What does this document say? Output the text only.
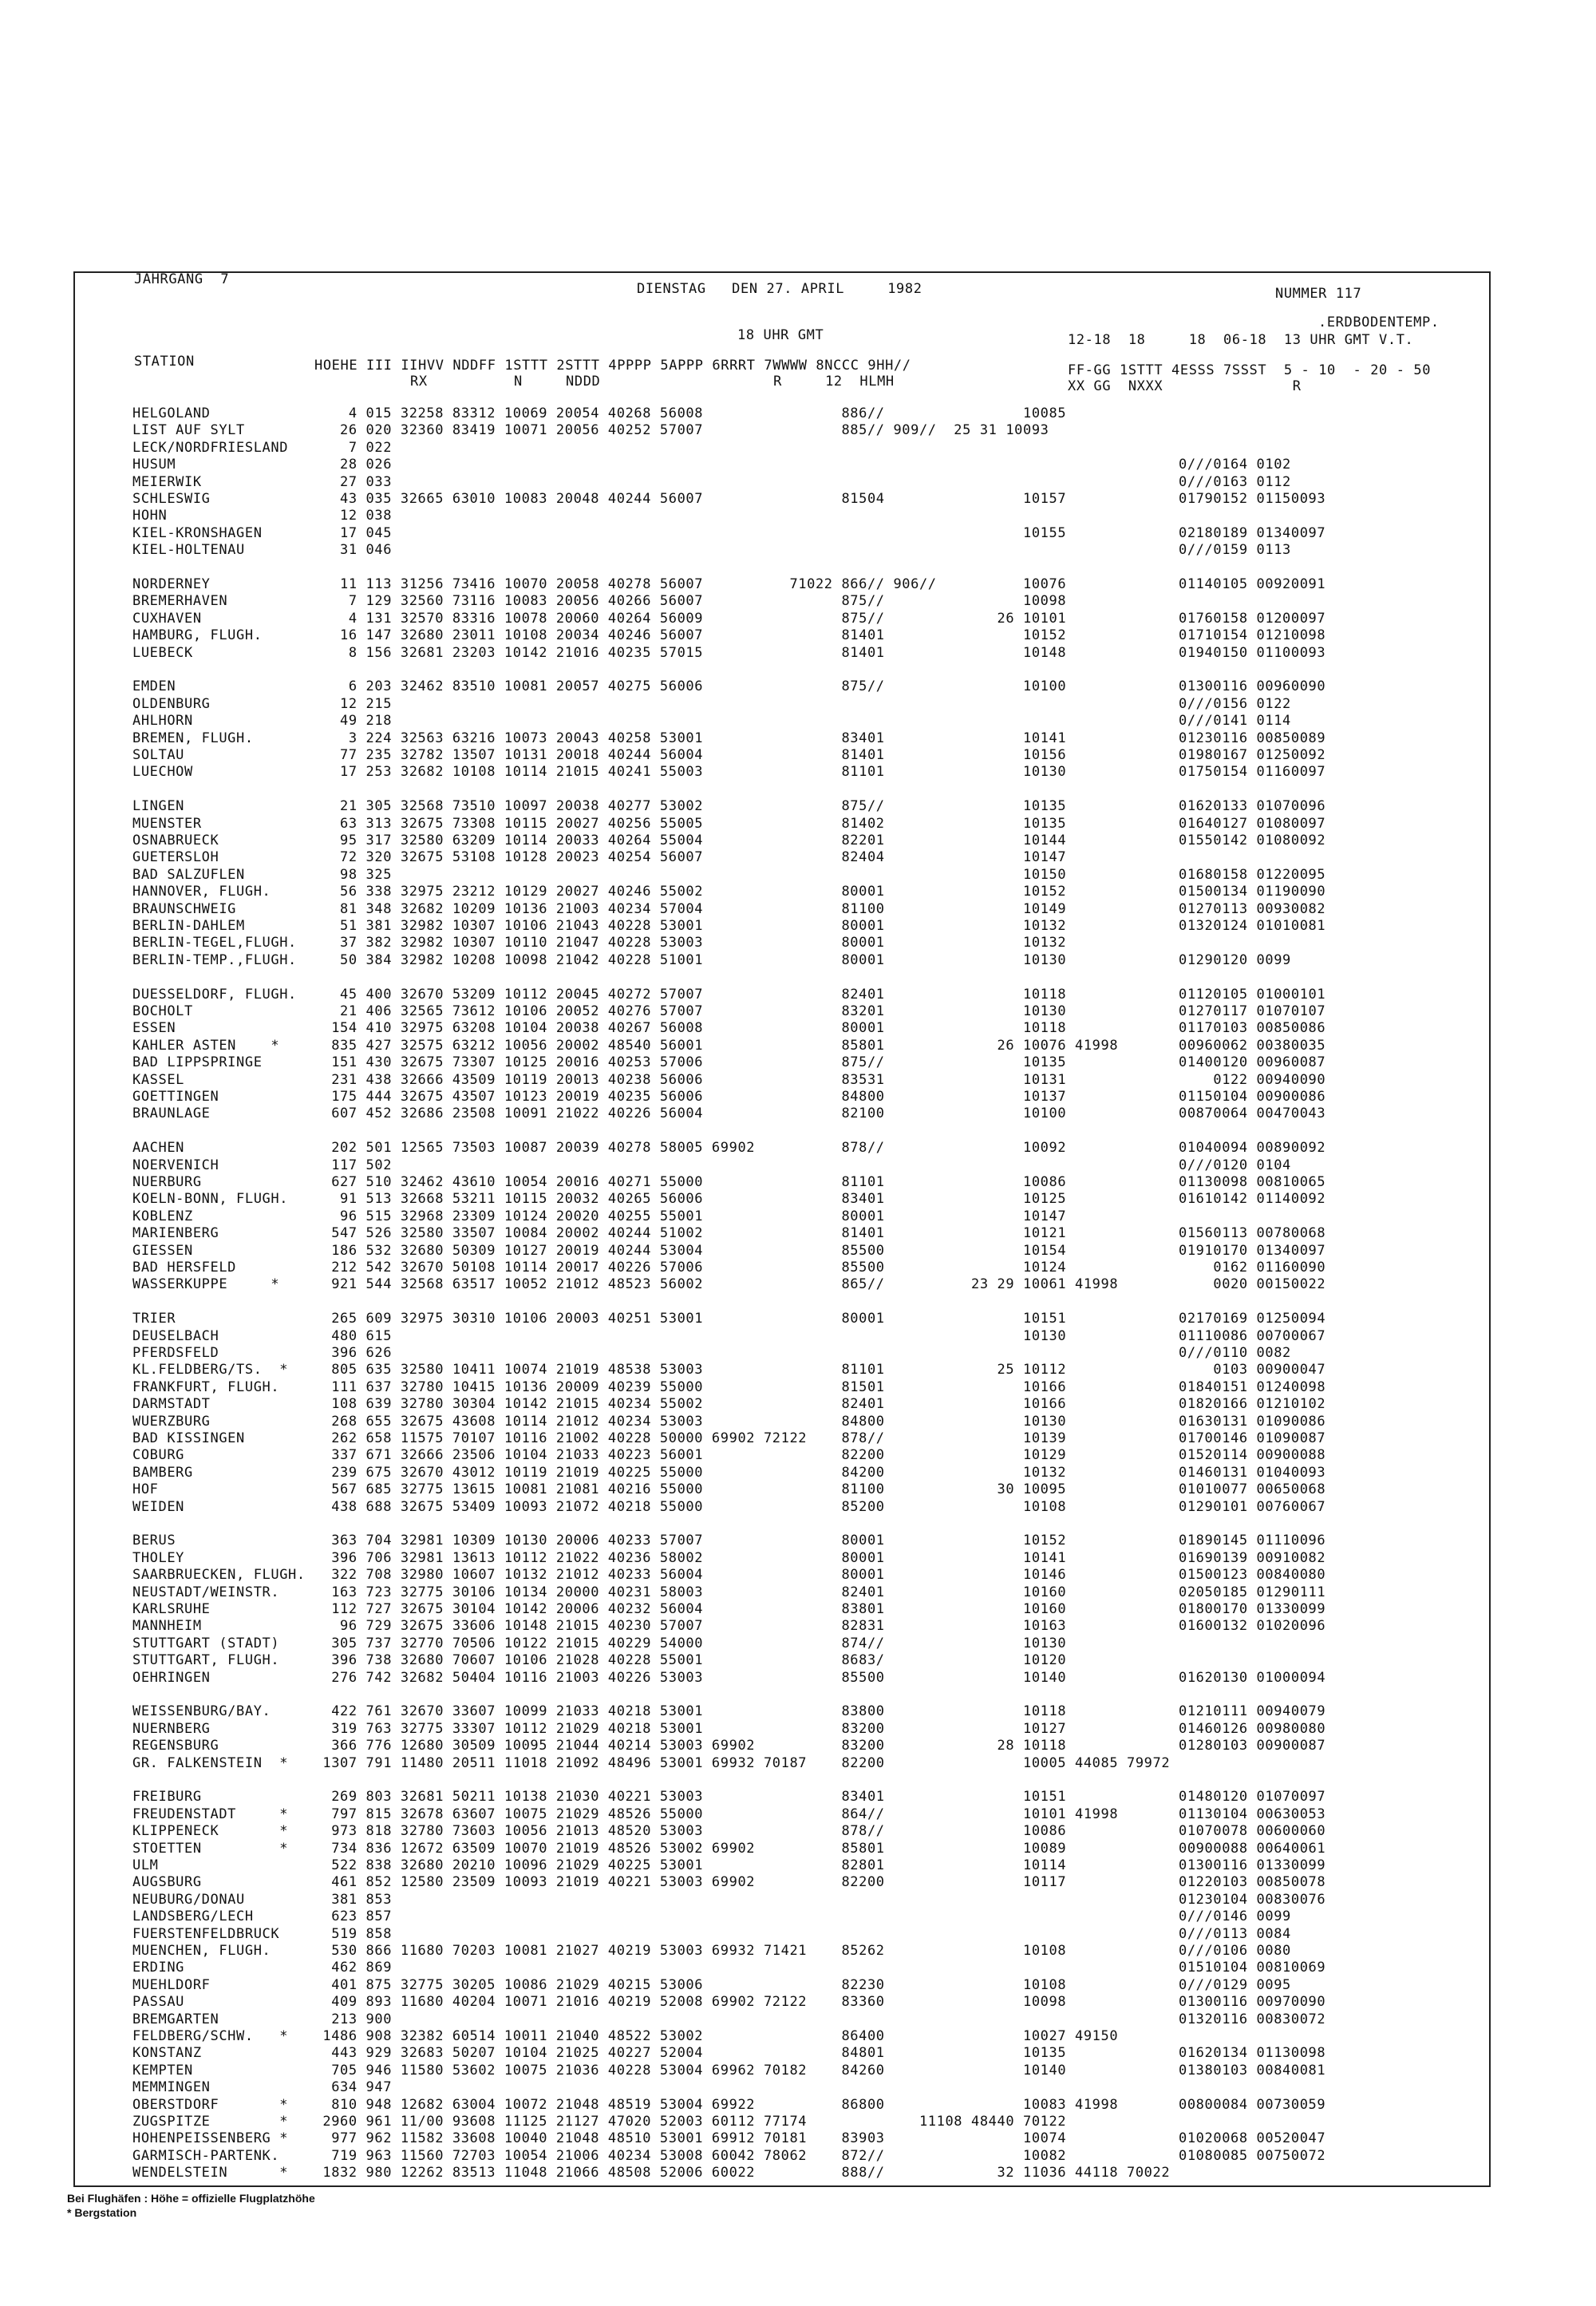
JAHRGANG  7
DIENSTAG   DEN 27. APRIL     1982	NUMMER 117
.ERDBODENTEMP.
18 UHR GMT	12-18  18     18  06-18  13 UHR GMT V.T.
STATION	HOEHE III IIHVV NDDFF 1STTT 2STTT 4PPPP 5APPP 6RRRT 7WWWW 8NCCC 9HH//	FF-GG 1STTT 4ESSS 7SSST  5 - 10  - 20 - 50
RX          N     NDDD                    R     12  HLMH	XX GG  NXXX               R
HELGOLAND                4 015 32258 83312 10069 20054 40268 56008                886//                10085
LIST AUF SYLT           26 020 32360 83419 10071 20056 40252 57007                885// 909//  25 31 10093
LECK/NORDFRIESLAND       7 022
HUSUM                   28 026                                                                                           0///0164 0102
MEIERWIK                27 033                                                                                           0///0163 0112
SCHLESWIG               43 035 32665 63010 10083 20048 40244 56007                81504                10157             01790152 01150093
HOHN                    12 038
KIEL-KRONSHAGEN         17 045                                                                         10155             02180189 01340097
KIEL-HOLTENAU           31 046                                                                                           0///0159 0113
NORDERNEY               11 113 31256 73416 10070 20058 40278 56007          71022 866// 906//          10076             01140105 00920091
BREMERHAVEN              7 129 32560 73116 10083 20056 40266 56007                875//                10098
CUXHAVEN                 4 131 32570 83316 10078 20060 40264 56009                875//             26 10101             01760158 01200097
HAMBURG, FLUGH.         16 147 32680 23011 10108 20034 40246 56007                81401                10152             01710154 01210098
LUEBECK                  8 156 32681 23203 10142 21016 40235 57015                81401                10148             01940150 01100093
EMDEN                    6 203 32462 83510 10081 20057 40275 56006                875//                10100             01300116 00960090
OLDENBURG               12 215                                                                                           0///0156 0122
AHLHORN                 49 218                                                                                           0///0141 0114
BREMEN, FLUGH.           3 224 32563 63216 10073 20043 40258 53001                83401                10141             01230116 00850089
SOLTAU                  77 235 32782 13507 10131 20018 40244 56004                81401                10156             01980167 01250092
LUECHOW                 17 253 32682 10108 10114 21015 40241 55003                81101                10130             01750154 01160097
LINGEN                  21 305 32568 73510 10097 20038 40277 53002                875//                10135             01620133 01070096
MUENSTER                63 313 32675 73308 10115 20027 40256 55005                81402                10135             01640127 01080097
OSNABRUECK              95 317 32580 63209 10114 20033 40264 55004                82201                10144             01550142 01080092
GUETERSLOH              72 320 32675 53108 10128 20023 40254 56007                82404                10147
BAD SALZUFLEN           98 325                                                                         10150             01680158 01220095
HANNOVER, FLUGH.        56 338 32975 23212 10129 20027 40246 55002                80001                10152             01500134 01190090
BRAUNSCHWEIG            81 348 32682 10209 10136 21003 40234 57004                81100                10149             01270113 00930082
BERLIN-DAHLEM           51 381 32982 10307 10106 21043 40228 53001                80001                10132             01320124 01010081
BERLIN-TEGEL,FLUGH.     37 382 32982 10307 10110 21047 40228 53003                80001                10132
BERLIN-TEMP.,FLUGH.     50 384 32982 10208 10098 21042 40228 51001                80001                10130             01290120 0099
DUESSELDORF, FLUGH.     45 400 32670 53209 10112 20045 40272 57007                82401                10118             01120105 01000101
BOCHOLT                 21 406 32565 73612 10106 20052 40276 57007                83201                10130             01270117 01070107
ESSEN                  154 410 32975 63208 10104 20038 40267 56008                80001                10118             01170103 00850086
KAHLER ASTEN    *      835 427 32575 63212 10056 20002 48540 56001                85801             26 10076 41998       00960062 00380035
BAD LIPPSPRINGE        151 430 32675 73307 10125 20016 40253 57006                875//                10135             01400120 00960087
KASSEL                 231 438 32666 43509 10119 20013 40238 56006                83531                10131                 0122 00940090
GOETTINGEN             175 444 32675 43507 10123 20019 40235 56006                84800                10137             01150104 00900086
BRAUNLAGE              607 452 32686 23508 10091 21022 40226 56004                82100                10100             00870064 00470043
AACHEN                 202 501 12565 73503 10087 20039 40278 58005 69902          878//                10092             01040094 00890092
NOERVENICH             117 502                                                                                           0///0120 0104
NUERBURG               627 510 32462 43610 10054 20016 40271 55000                81101                10086             01130098 00810065
KOELN-BONN, FLUGH.      91 513 32668 53211 10115 20032 40265 56006                83401                10125             01610142 01140092
KOBLENZ                 96 515 32968 23309 10124 20020 40255 55001                80001                10147
MARIENBERG             547 526 32580 33507 10084 20002 40244 51002                81401                10121             01560113 00780068
GIESSEN                186 532 32680 50309 10127 20019 40244 53004                85500                10154             01910170 01340097
BAD HERSFELD           212 542 32670 50108 10114 20017 40226 57006                85500                10124                 0162 01160090
WASSERKUPPE     *      921 544 32568 63517 10052 21012 48523 56002                865//          23 29 10061 41998           0020 00150022
TRIER                  265 609 32975 30310 10106 20003 40251 53001                80001                10151             02170169 01250094
DEUSELBACH             480 615                                                                         10130             01110086 00700067
PFERDSFELD             396 626                                                                                           0///0110 0082
KL.FELDBERG/TS.  *     805 635 32580 10411 10074 21019 48538 53003                81101             25 10112                 0103 00900047
FRANKFURT, FLUGH.      111 637 32780 10415 10136 20009 40239 55000                81501                10166             01840151 01240098
DARMSTADT              108 639 32780 30304 10142 21015 40234 55002                82401                10166             01820166 01210102
WUERZBURG              268 655 32675 43608 10114 21012 40234 53003                84800                10130             01630131 01090086
BAD KISSINGEN          262 658 11575 70107 10116 21002 40228 50000 69902 72122    878//                10139             01700146 01090087
COBURG                 337 671 32666 23506 10104 21033 40223 56001                82200                10129             01520114 00900088
BAMBERG                239 675 32670 43012 10119 21019 40225 55000                84200                10132             01460131 01040093
HOF                    567 685 32775 13615 10081 21081 40216 55000                81100             30 10095             01010077 00650068
WEIDEN                 438 688 32675 53409 10093 21072 40218 55000                85200                10108             01290101 00760067
BERUS                  363 704 32981 10309 10130 20006 40233 57007                80001                10152             01890145 01110096
THOLEY                 396 706 32981 13613 10112 21022 40236 58002                80001                10141             01690139 00910082
SAARBRUECKEN, FLUGH.   322 708 32980 10607 10132 21012 40233 56004                80001                10146             01500123 00840080
NEUSTADT/WEINSTR.      163 723 32775 30106 10134 20000 40231 58003                82401                10160             02050185 01290111
KARLSRUHE              112 727 32675 30104 10142 20006 40232 56004                83801                10160             01800170 01330099
MANNHEIM                96 729 32675 33606 10148 21015 40230 57007                82831                10163             01600132 01020096
STUTTGART (STADT)      305 737 32770 70506 10122 21015 40229 54000                874//                10130
STUTTGART, FLUGH.      396 738 32680 70607 10106 21028 40228 55001                8683/                10120
OEHRINGEN              276 742 32682 50404 10116 21003 40226 53003                85500                10140             01620130 01000094
WEISSENBURG/BAY.       422 761 32670 33607 10099 21033 40218 53001                83800                10118             01210111 00940079
NUERNBERG              319 763 32775 33307 10112 21029 40218 53001                83200                10127             01460126 00980080
REGENSBURG             366 776 12680 30509 10095 21044 40214 53003 69902          83200             28 10118             01280103 00900087
GR. FALKENSTEIN  *    1307 791 11480 20511 11018 21092 48496 53001 69932 70187    82200                10005 44085 79972
FREIBURG               269 803 32681 50211 10138 21030 40221 53003                83401                10151             01480120 01070097
FREUDENSTADT     *     797 815 32678 63607 10075 21029 48526 55000                864//                10101 41998       01130104 00630053
KLIPPENECK       *     973 818 32780 73603 10056 21013 48520 53003                878//                10086             01070078 00600060
STOETTEN         *     734 836 12672 63509 10070 21019 48526 53002 69902          85801                10089             00900088 00640061
ULM                    522 838 32680 20210 10096 21029 40225 53001                82801                10114             01300116 01330099
AUGSBURG               461 852 12580 23509 10093 21019 40221 53003 69902          82200                10117             01220103 00850078
NEUBURG/DONAU          381 853                                                                                           01230104 00830076
LANDSBERG/LECH         623 857                                                                                           0///0146 0099
FUERSTENFELDBRUCK      519 858                                                                                           0///0113 0084
MUENCHEN, FLUGH.       530 866 11680 70203 10081 21027 40219 53003 69932 71421    85262                10108             0///0106 0080
ERDING                 462 869                                                                                           01510104 00810069
MUEHLDORF              401 875 32775 30205 10086 21029 40215 53006                82230                10108             0///0129 0095
PASSAU                 409 893 11680 40204 10071 21016 40219 52008 69902 72122    83360                10098             01300116 00970090
BREMGARTEN             213 900                                                                                           01320116 00830072
FELDBERG/SCHW.   *    1486 908 32382 60514 10011 21040 48522 53002                86400                10027 49150
KONSTANZ               443 929 32683 50207 10104 21025 40227 52004                84801                10135             01620134 01130098
KEMPTEN                705 946 11580 53602 10075 21036 40228 53004 69962 70182    84260                10140             01380103 00840081
MEMMINGEN              634 947
OBERSTDORF       *     810 948 12682 63004 10072 21048 48519 53004 69922          86800                10083 41998       00800084 00730059
ZUGSPITZE        *    2960 961 11/00 93608 11125 21127 47020 52003 60112 77174             11108 48440 70122
HOHENPEISSENBERG *     977 962 11582 33608 10040 21048 48510 53001 69912 70181    83903                10074             01020068 00520047
GARMISCH-PARTENK.      719 963 11560 72703 10054 21006 40234 53008 60042 78062    872//                10082             01080085 00750072
WENDELSTEIN      *    1832 980 12262 83513 11048 21066 48508 52006 60022          888//             32 11036 44118 70022
Bei Flughäfen : Höhe = offizielle Flugplatzhöhe
* Bergstation
